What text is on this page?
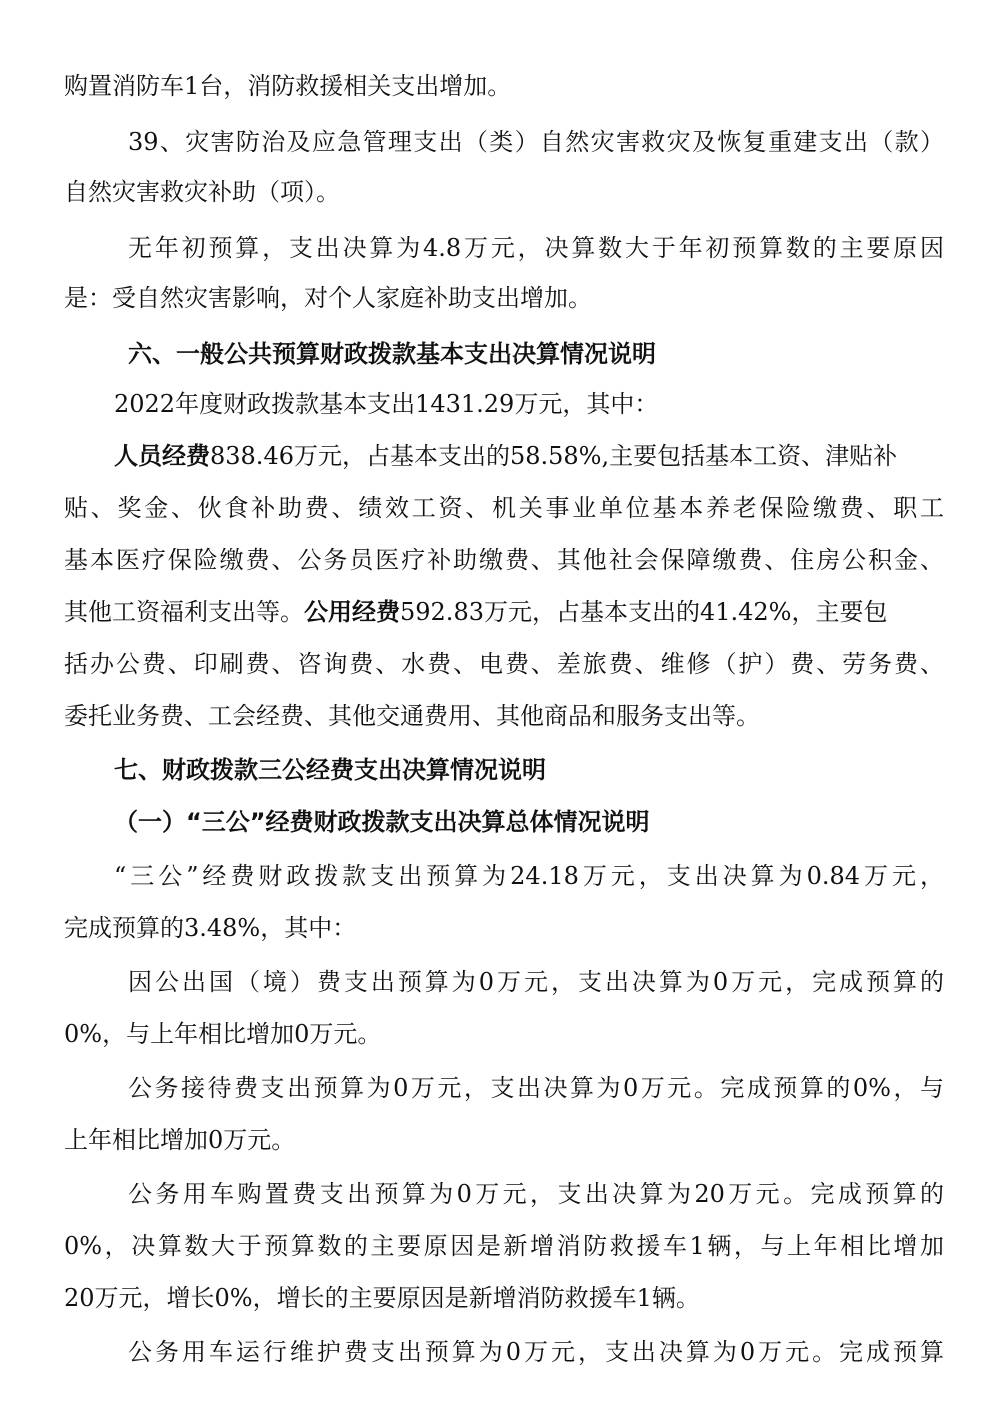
购置消防车1台，消防救援相关支出增加。
39、灾害防治及应急管理支出（类）自然灾害救灾及恢复重建支出（款）
自然灾害救灾补助（项）。
无年初预算，支出决算为4.8万元，决算数大于年初预算数的主要原因
是：受自然灾害影响，对个人家庭补助支出增加。
六、一般公共预算财政拨款基本支出决算情况说明
2022年度财政拨款基本支出1431.29万元，其中：
人员经费838.46万元，占基本支出的58.58%,主要包括基本工资、津贴补
贴、奖金、伙食补助费、绩效工资、机关事业单位基本养老保险缴费、职工
基本医疗保险缴费、公务员医疗补助缴费、其他社会保障缴费、住房公积金、
其他工资福利支出等。公用经费592.83万元，占基本支出的41.42%，主要包
括办公费、印刷费、咨询费、水费、电费、差旅费、维修（护）费、劳务费、
委托业务费、工会经费、其他交通费用、其他商品和服务支出等。
七、财政拨款三公经费支出决算情况说明
（一）“三公”经费财政拨款支出决算总体情况说明
“三公”经费财政拨款支出预算为24.18万元，支出决算为0.84万元，
完成预算的3.48%，其中：
因公出国（境）费支出预算为0万元，支出决算为0万元，完成预算的
0%，与上年相比增加0万元。
公务接待费支出预算为0万元，支出决算为0万元。完成预算的0%，与
上年相比增加0万元。
公务用车购置费支出预算为0万元，支出决算为20万元。完成预算的
0%，决算数大于预算数的主要原因是新增消防救援车1辆，与上年相比增加
20万元，增长0%，增长的主要原因是新增消防救援车1辆。
公务用车运行维护费支出预算为0万元，支出决算为0万元。完成预算
